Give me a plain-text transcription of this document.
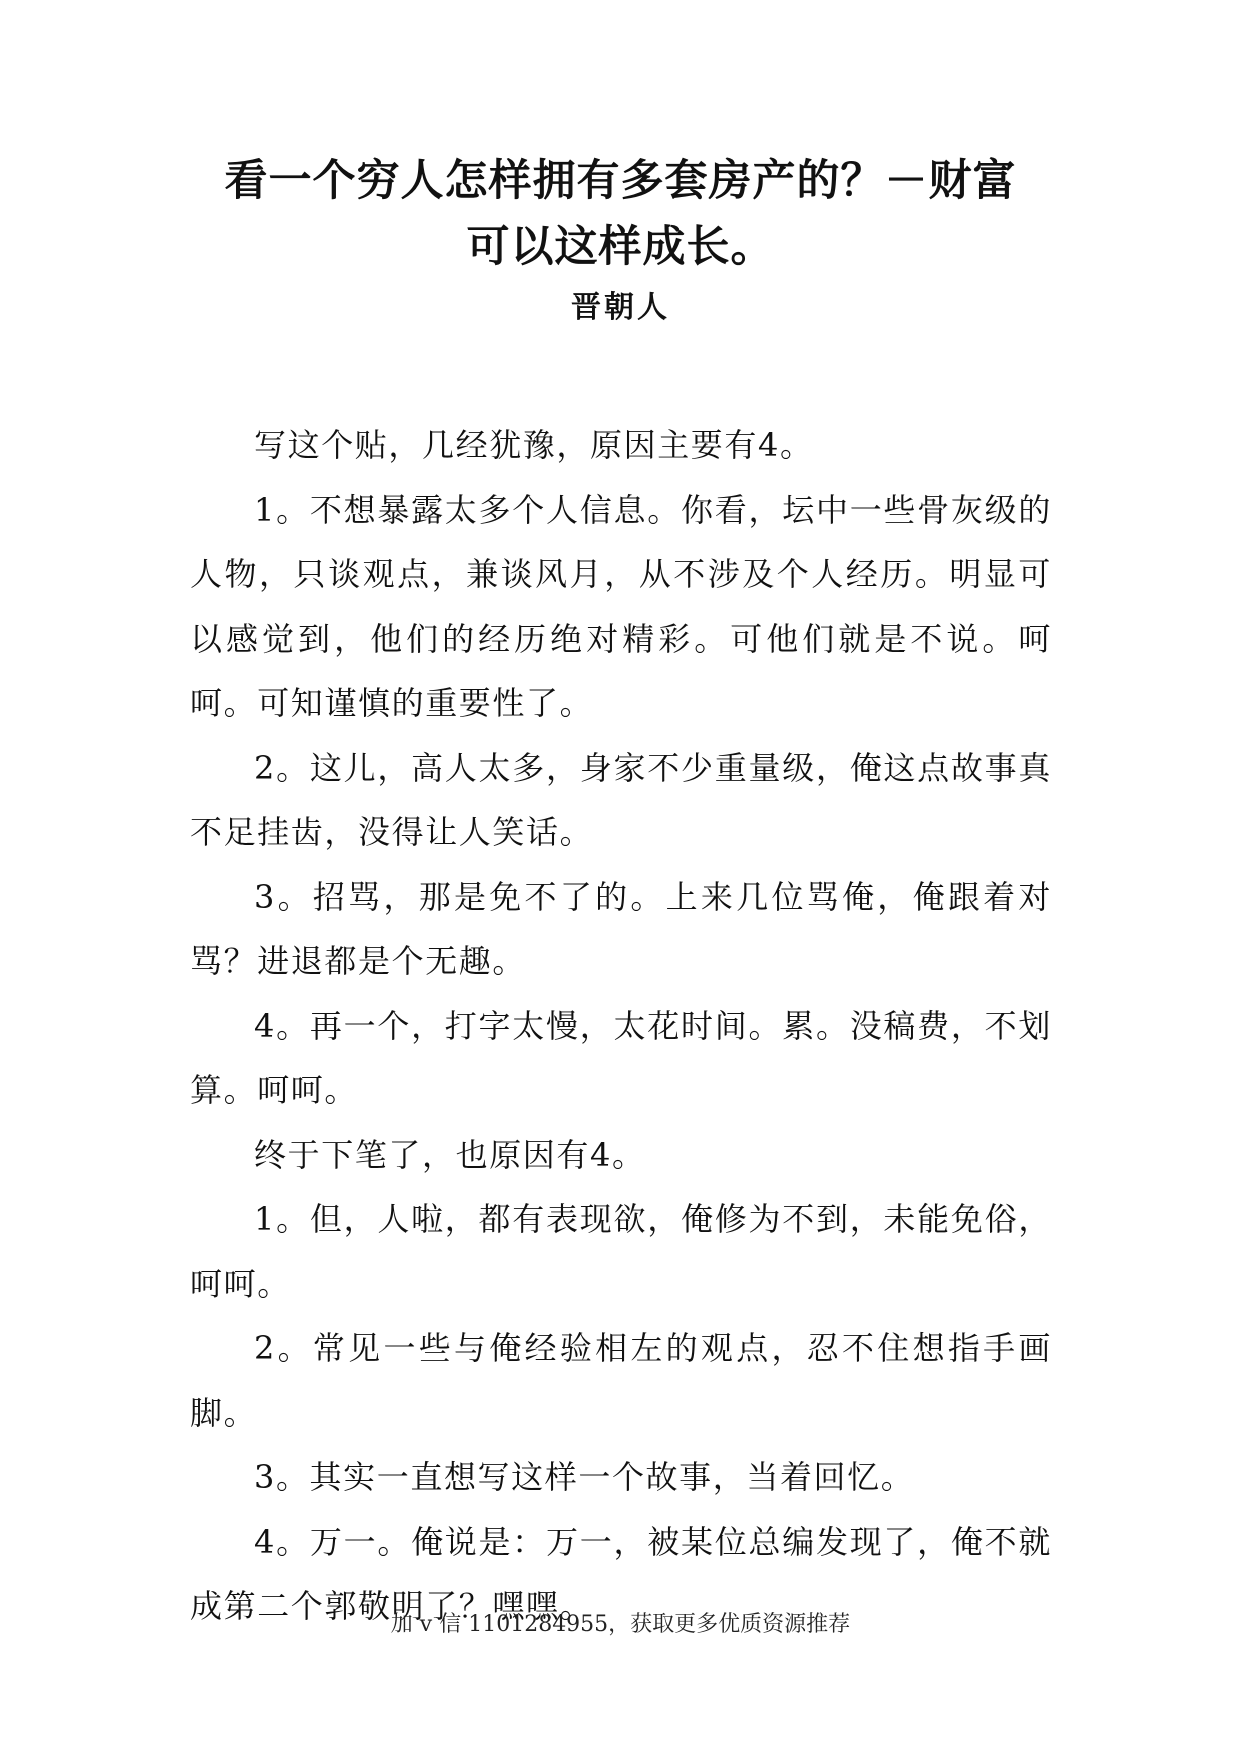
看一个穷人怎样拥有多套房产的？－财富
可以这样成长。
晋朝人

写这个贴，几经犹豫，原因主要有4。

1。不想暴露太多个人信息。你看，坛中一些骨灰级的人物，只谈观点，兼谈风月，从不涉及个人经历。明显可以感觉到，他们的经历绝对精彩。可他们就是不说。呵呵。可知谨慎的重要性了。

2。这儿，高人太多，身家不少重量级，俺这点故事真不足挂齿，没得让人笑话。

3。招骂，那是免不了的。上来几位骂俺，俺跟着对骂？进退都是个无趣。

4。再一个，打字太慢，太花时间。累。没稿费，不划算。呵呵。

终于下笔了，也原因有4。

1。但，人啦，都有表现欲，俺修为不到，未能免俗，呵呵。

2。常见一些与俺经验相左的观点，忍不住想指手画脚。

3。其实一直想写这样一个故事，当着回忆。

4。万一。俺说是：万一，被某位总编发现了，俺不就成第二个郭敬明了？嘿嘿。

加 v 信 1101284955，获取更多优质资源推荐
